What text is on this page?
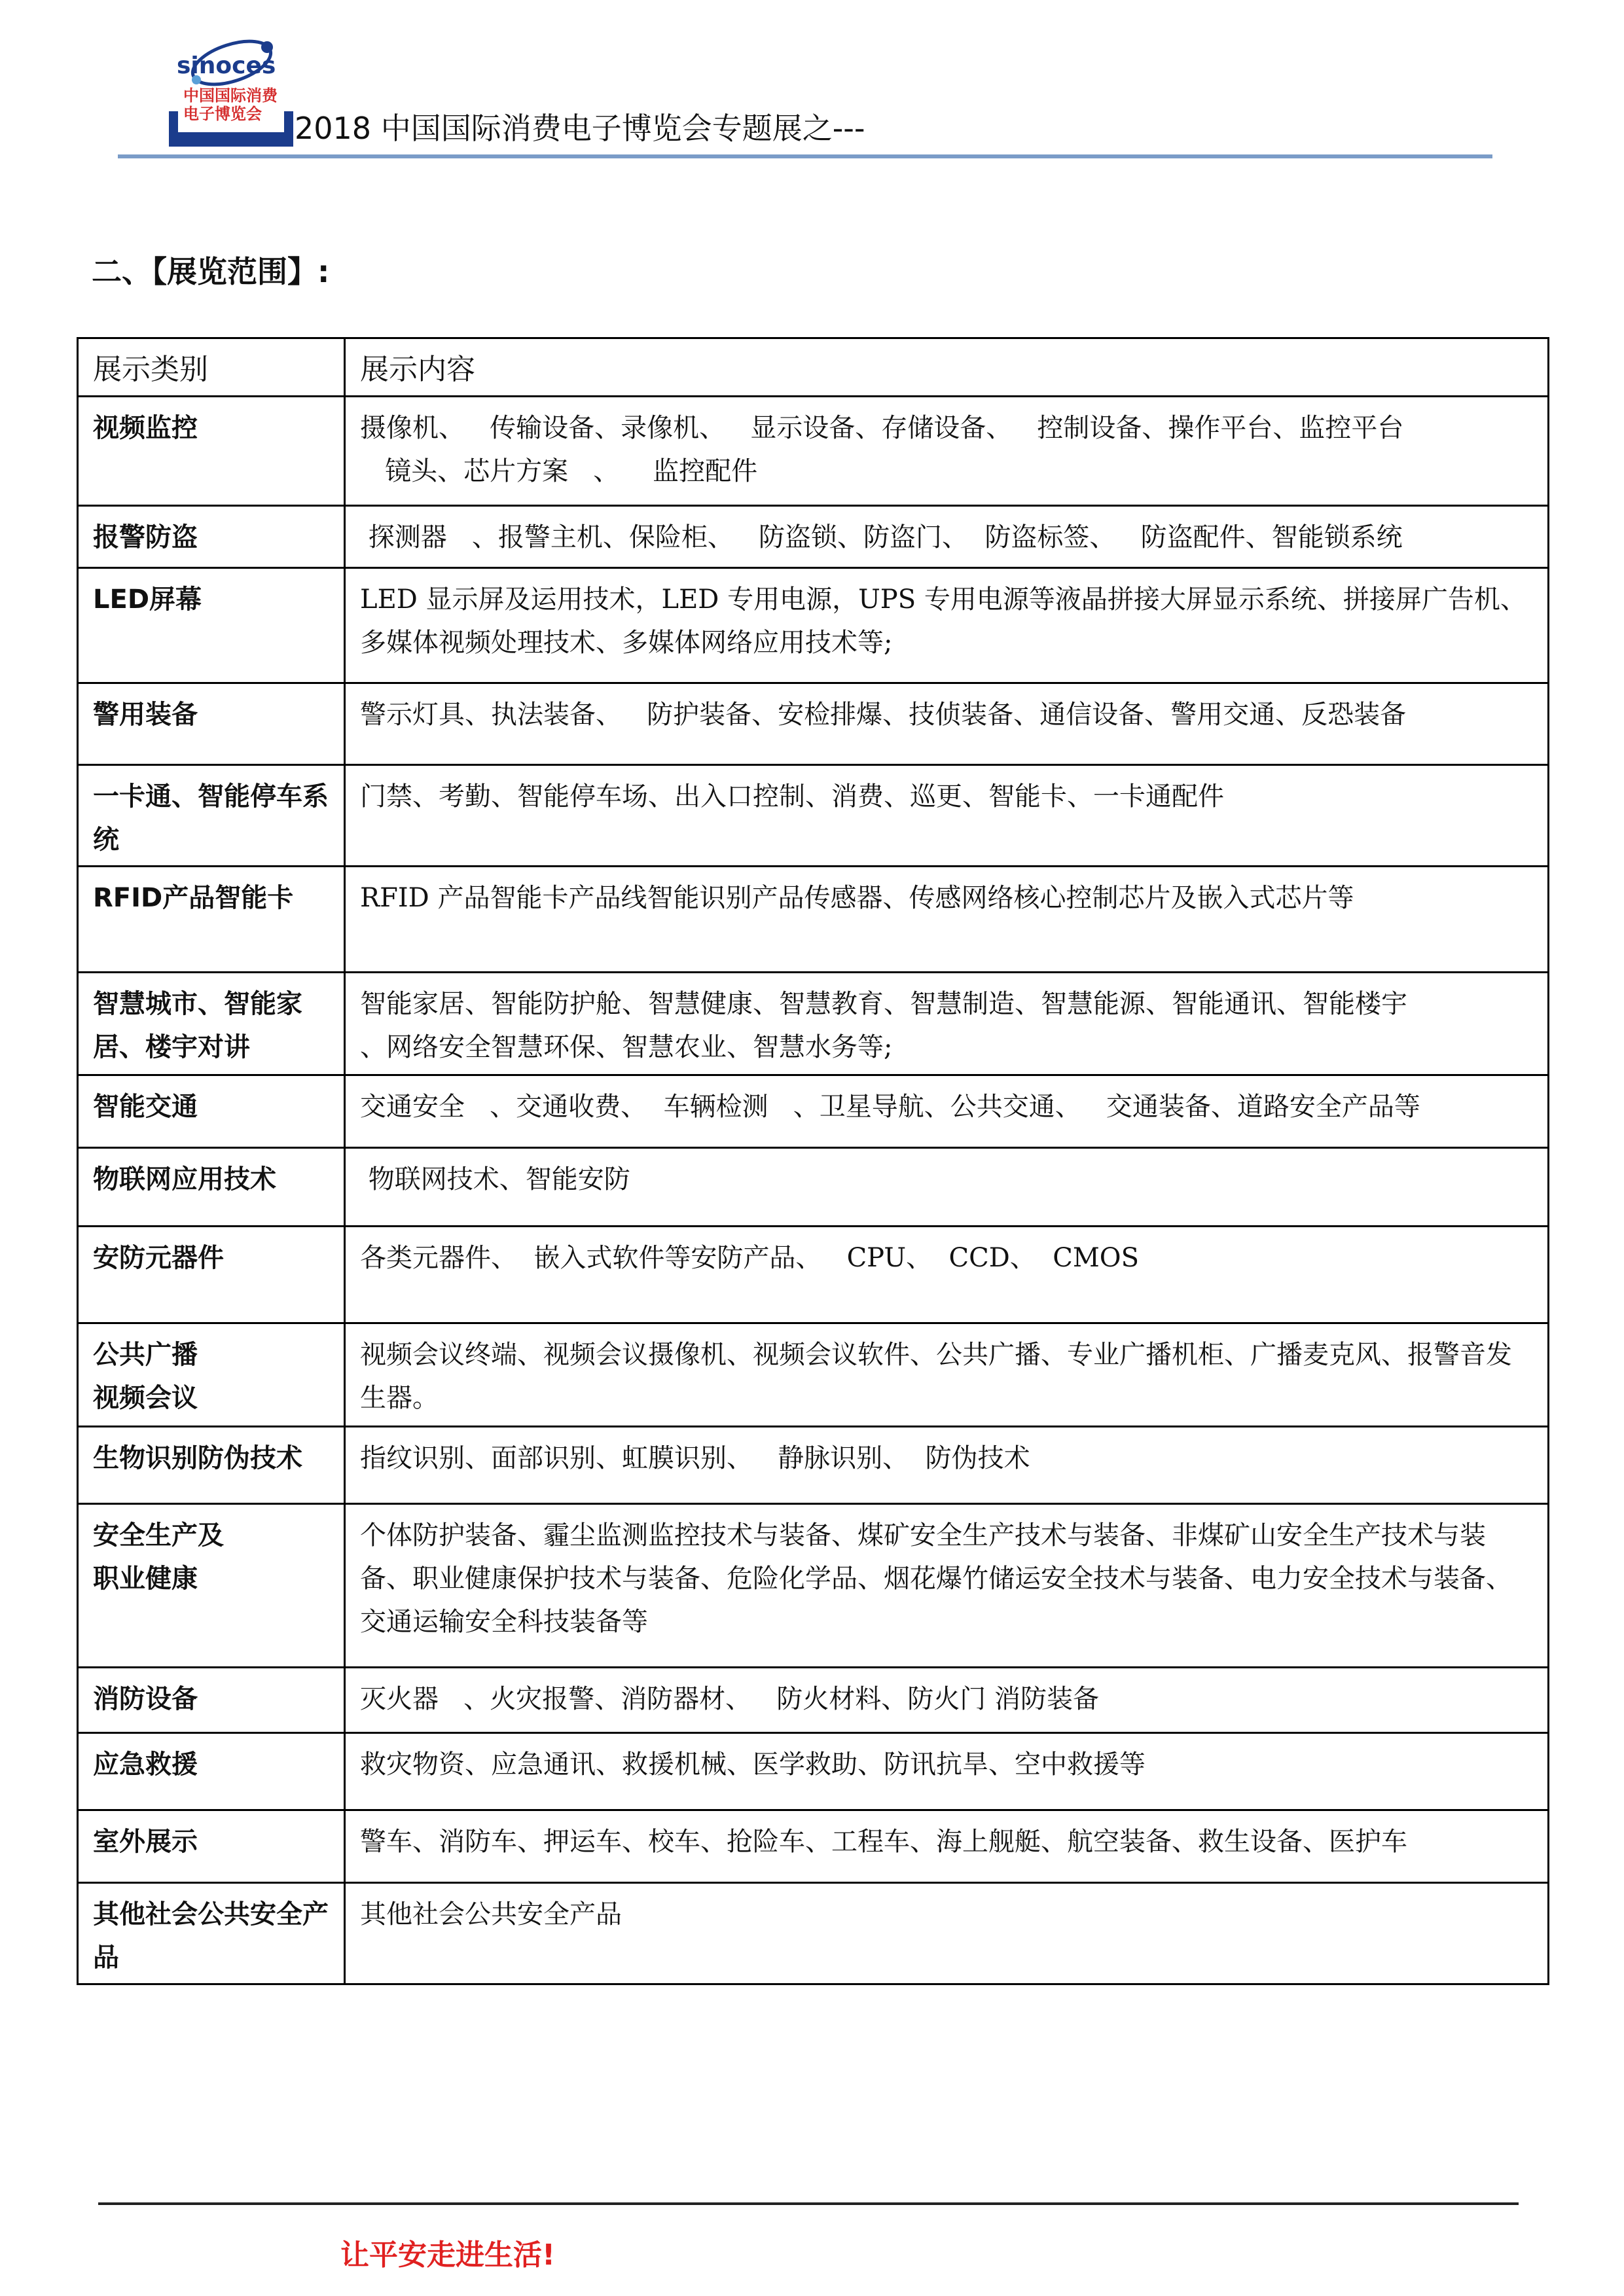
sinocеs
中国国际消费
电子博览会 2018 中国国际消费电子博览会专题展之---
二、【展览范围】:
展示类别	展示内容
视频监控	摄像机、   传输设备、录像机、   显示设备、存储设备、   控制设备、操作平台、监控平台
镜头、芯片方案   、    监控配件
报警防盗	探测器   、报警主机、保险柜、   防盗锁、防盗门、  防盗标签、   防盗配件、智能锁系统
LED屏幕	LED 显示屏及运用技术，LED 专用电源，UPS 专用电源等液晶拼接大屏显示系统、拼接屏广告机、多媒体视频处理技术、多媒体网络应用技术等;
警用装备	警示灯具、执法装备、   防护装备、安检排爆、技侦装备、通信设备、警用交通、反恐装备
一卡通、智能停车系统	门禁、考勤、智能停车场、出入口控制、消费、巡更、智能卡、一卡通配件
RFID产品智能卡	RFID 产品智能卡产品线智能识别产品传感器、传感网络核心控制芯片及嵌入式芯片等
智慧城市、智能家居、楼宇对讲	智能家居、智能防护舱、智慧健康、智慧教育、智慧制造、智慧能源、智能通讯、智能楼宇
、网络安全智慧环保、智慧农业、智慧水务等;
智能交通	交通安全   、交通收费、  车辆检测   、卫星导航、公共交通、   交通装备、道路安全产品等
物联网应用技术	物联网技术、智能安防
安防元器件	各类元器件、  嵌入式软件等安防产品、   CPU、  CCD、  CMOS
公共广播
视频会议	视频会议终端、视频会议摄像机、视频会议软件、公共广播、专业广播机柜、广播麦克风、报警音发生器。
生物识别防伪技术	指纹识别、面部识别、虹膜识别、   静脉识别、  防伪技术
安全生产及
职业健康	个体防护装备、霾尘监测监控技术与装备、煤矿安全生产技术与装备、非煤矿山安全生产技术与装备、职业健康保护技术与装备、危险化学品、烟花爆竹储运安全技术与装备、电力安全技术与装备、交通运输安全科技装备等
消防设备	灭火器   、火灾报警、消防器材、   防火材料、防火门 消防装备
应急救援	救灾物资、应急通讯、救援机械、医学救助、防讯抗旱、空中救援等
室外展示	警车、消防车、押运车、校车、抢险车、工程车、海上舰艇、航空装备、救生设备、医护车
其他社会公共安全产品	其他社会公共安全产品
让平安走进生活!
